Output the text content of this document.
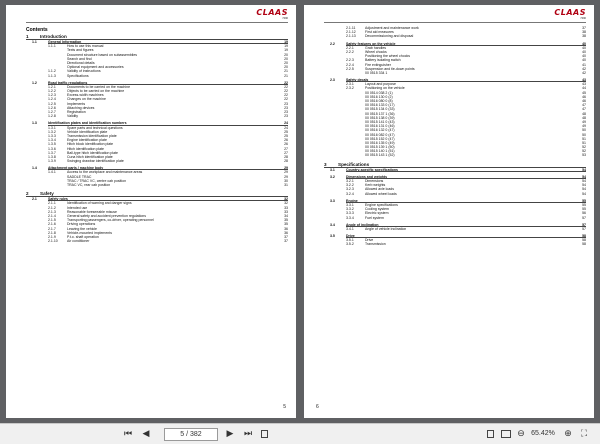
CLAAS
7490
Contents
1 Introduction
1.1	General Information	19
1.1.1	How to use this manual	19
Texts and figures	19
Document structure based on subassemblies	20
Search and find	20
Directional details	20
Optional equipment and accessories	20
1.1.2	Validity of instructions	21
1.1.3	Specifications	21
1.2	Road traffic regulations	22
1.2.1	Documents to be carried on the machine	22
1.2.2	Objects to be carried on the machine	22
1.2.3	Excess-width machines	22
1.2.4	Changes on the machine	22
1.2.5	Implements	23
1.2.6	Attaching devices	23
1.2.7	Registration	23
1.2.8	Validity	23
1.3	Identification plates and identification numbers	24
1.3.1	Spare parts and technical questions	24
1.3.2	Vehicle identification plate	25
1.3.3	Transmission identification plate	25
1.3.4	Engine identification plate	26
1.3.5	Hitch block identification plate	26
1.3.6	Hitch identification plate	27
1.3.7	Ball-type hitch identification plate	27
1.3.8	Cuna hitch identification plate	28
1.3.9	Swinging drawbar identification plate	28
1.4	Attachment parts / machine body	29
1.4.1	Access to the workplace and maintenance areas	29
SADDLE TRAC	29
TRAC / TRAC VC, centre cab position	30
TRAC VC, rear cab position	31
2 Safety
2.1	Safety rules	32
2.1.1	Identification of warning and danger signs	32
2.1.2	Intended use	33
2.1.3	Reasonable foreseeable misuse	33
2.1.4	General safety and accident prevention regulations	34
2.1.5	Transporting passengers, co-driver, operating personnel	35
2.1.6	Driving operations	35
2.1.7	Leaving the vehicle	36
2.1.8	Vehicle-mounted implements	36
2.1.9	P.t.o. shaft operation	37
2.1.10	Air conditioner	37
5
CLAAS
7490
2.1.11	Adjustment and maintenance work	37
2.1.12	First aid measures	38
2.1.13	Decommissioning and disposal	38
2.2	Safety features on the vehicle	40
2.2.1	Grab handles	40
2.2.2	Wheel chocks	40
Positioning the wheel chocks	40
2.2.3	Battery isolating switch	40
2.2.4	Fire extinguisher	41
2.2.5	Suspension and tie-down points	42
00 0515 334 1	42
2.3	Safety decals	43
2.3.1	Layout and purpose	43
2.3.2	Positioning on the vehicle	44
00 0514 038 2 (1)	45
00 0516 130 0 (2)	46
00 0516 080 0 (8)	46
00 0516 133 0 (17)	47
00 0515 134 0 (33)	47
00 0515 137 1 (36)	48
00 0515 138 0 (39)	48
00 0515 141 0 (43)	49
00 0516 131 0 (46)	49
00 0516 132 0 (47)	50
00 0516 082 0 (47)	50
00 0515 152 0 (47)	51
00 0516 135 0 (49)	51
00 0515 139 1 (50)	52
00 0515 140 1 (51)	52
00 0515 143 1 (52)	53
3 Specifications
3.1	Country-specific specifications	54
3.2	Dimensions and weights	54
3.2.1	Dimensions	54
3.2.2	Kerb weights	54
3.2.3	Allowed axle loads	54
3.2.4	Allowed wheel loads	54
3.3	Engine	55
3.3.1	Engine specifications	55
3.3.2	Cooling system	55
3.3.3	Electric system	56
3.3.4	Fuel system	57
3.4	Angle of inclination	57
3.4.1	Angle of vehicle inclination	57
3.5	Drive	58
3.5.1	Drive	58
3.5.2	Transmission	58
6
⏮ ◀	5 / 382	▶ ⏭	⊖ 65.42%	⊕	⛶
